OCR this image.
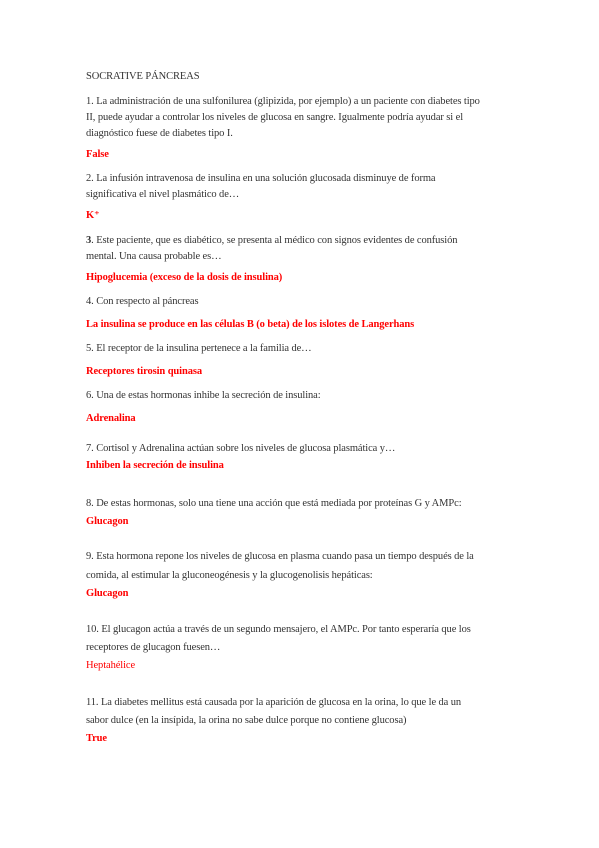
SOCRATIVE PÁNCREAS
1. La administración de una sulfonilurea (glipizida, por ejemplo) a un paciente con diabetes tipo
II, puede ayudar a controlar los niveles de glucosa en sangre. Igualmente podría ayudar si el
diagnóstico fuese de diabetes tipo I.
False
2. La infusión intravenosa de insulina en una solución glucosada disminuye de forma
significativa el nivel plasmático de…
K⁺
3. Este paciente, que es diabético, se presenta al médico con signos evidentes de confusión
mental. Una causa probable es…
Hipoglucemia (exceso de la dosis de insulina)
4. Con respecto al páncreas
La insulina se produce en las células B (o beta) de los islotes de Langerhans
5. El receptor de la insulina pertenece a la familia de…
Receptores tirosin quinasa
6. Una de estas hormonas inhibe la secreción de insulina:
Adrenalina
7. Cortisol y Adrenalina actúan sobre los niveles de glucosa plasmática y…
Inhiben la secreción de insulina
8. De estas hormonas, solo una tiene una acción que está mediada por proteínas G y AMPc:
Glucagon
9. Esta hormona repone los niveles de glucosa en plasma cuando pasa un tiempo después de la
comida, al estimular la gluconeogénesis y la glucogenolisis hepáticas:
Glucagon
10. El glucagon actúa a través de un segundo mensajero, el AMPc. Por tanto esperaría que los
receptores de glucagon fuesen…
Heptahélice
11. La diabetes mellitus está causada por la aparición de glucosa en la orina, lo que le da un
sabor dulce (en la insípida, la orina no sabe dulce porque no contiene glucosa)
True
